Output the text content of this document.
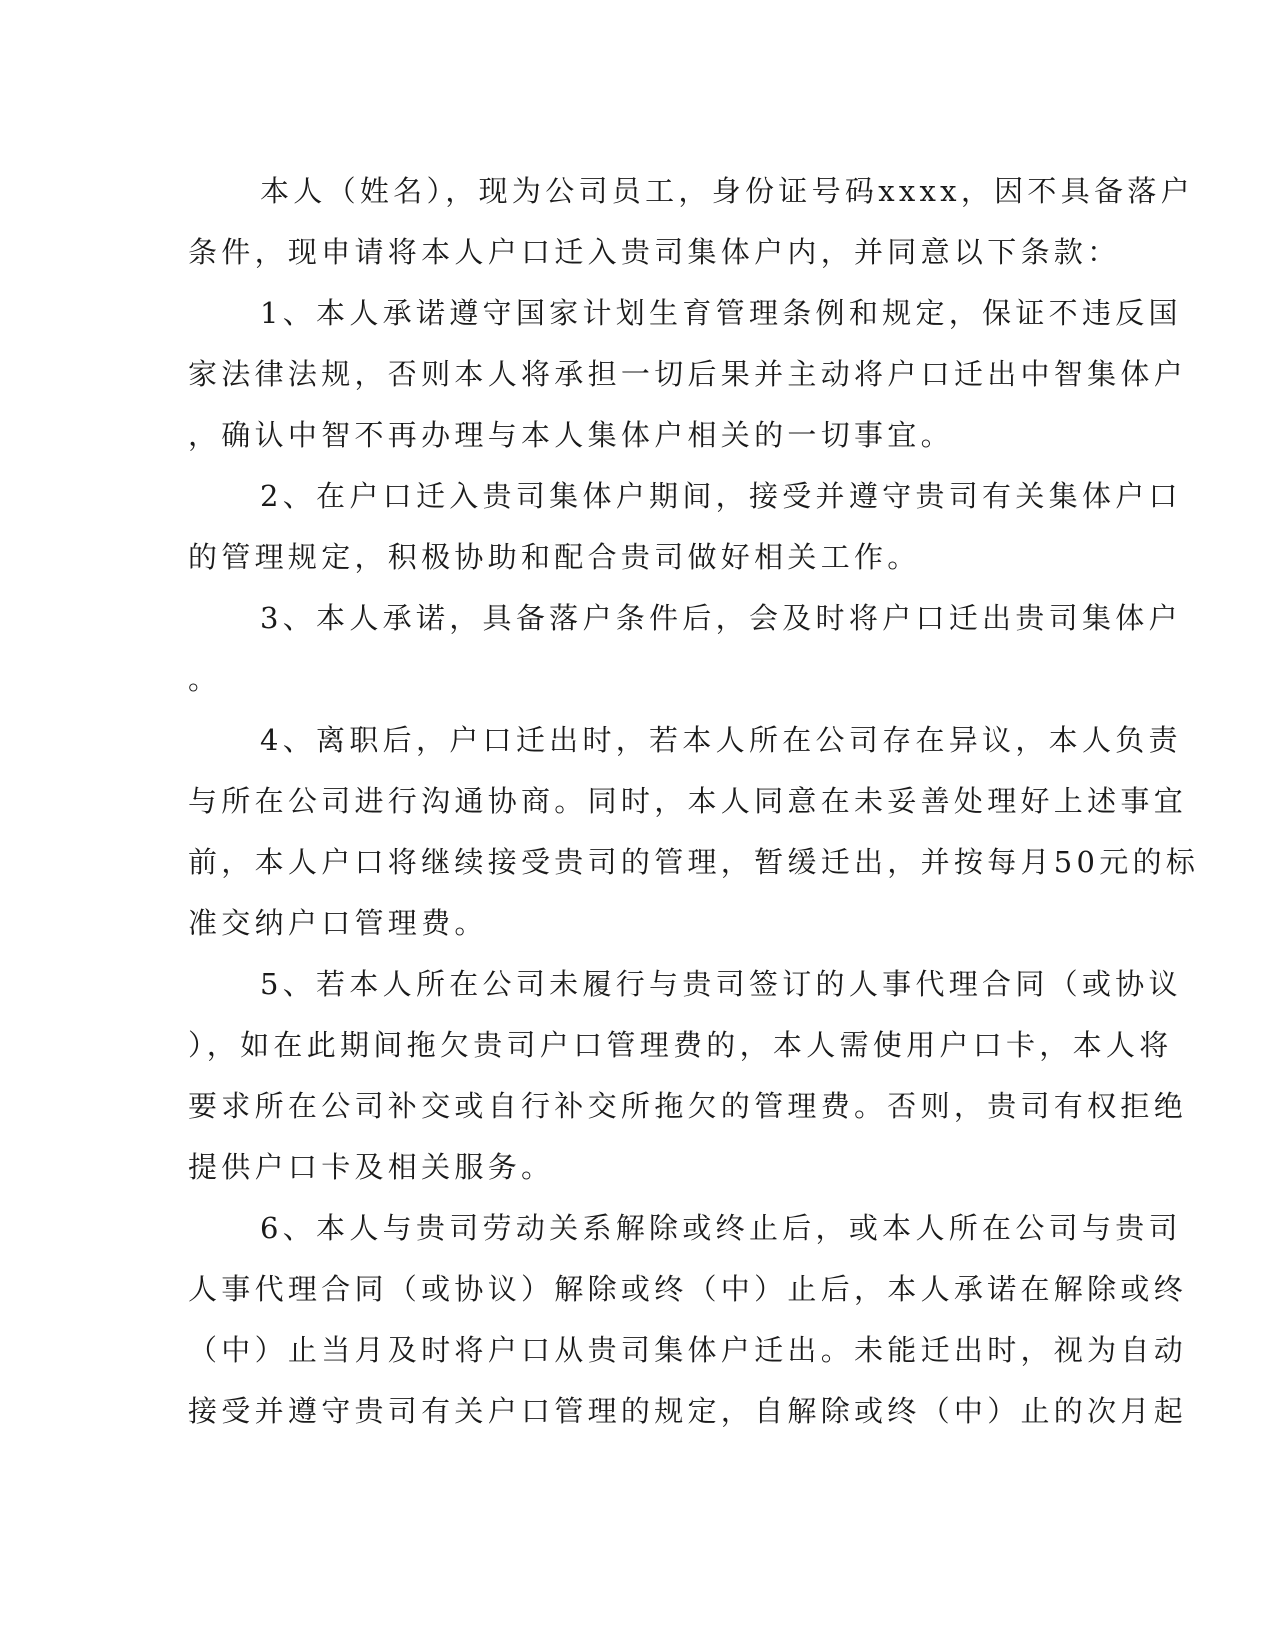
本人（姓名），现为公司员工，身份证号码xxxx，因不具备落户
条件，现申请将本人户口迁入贵司集体户内，并同意以下条款：
1、本人承诺遵守国家计划生育管理条例和规定，保证不违反国
家法律法规，否则本人将承担一切后果并主动将户口迁出中智集体户
，确认中智不再办理与本人集体户相关的一切事宜。
2、在户口迁入贵司集体户期间，接受并遵守贵司有关集体户口
的管理规定，积极协助和配合贵司做好相关工作。
3、本人承诺，具备落户条件后，会及时将户口迁出贵司集体户
。
4、离职后，户口迁出时，若本人所在公司存在异议，本人负责
与所在公司进行沟通协商。同时，本人同意在未妥善处理好上述事宜
前，本人户口将继续接受贵司的管理，暂缓迁出，并按每月50元的标
准交纳户口管理费。
5、若本人所在公司未履行与贵司签订的人事代理合同（或协议
），如在此期间拖欠贵司户口管理费的，本人需使用户口卡，本人将
要求所在公司补交或自行补交所拖欠的管理费。否则，贵司有权拒绝
提供户口卡及相关服务。
6、本人与贵司劳动关系解除或终止后，或本人所在公司与贵司
人事代理合同（或协议）解除或终（中）止后，本人承诺在解除或终
（中）止当月及时将户口从贵司集体户迁出。未能迁出时，视为自动
接受并遵守贵司有关户口管理的规定，自解除或终（中）止的次月起
